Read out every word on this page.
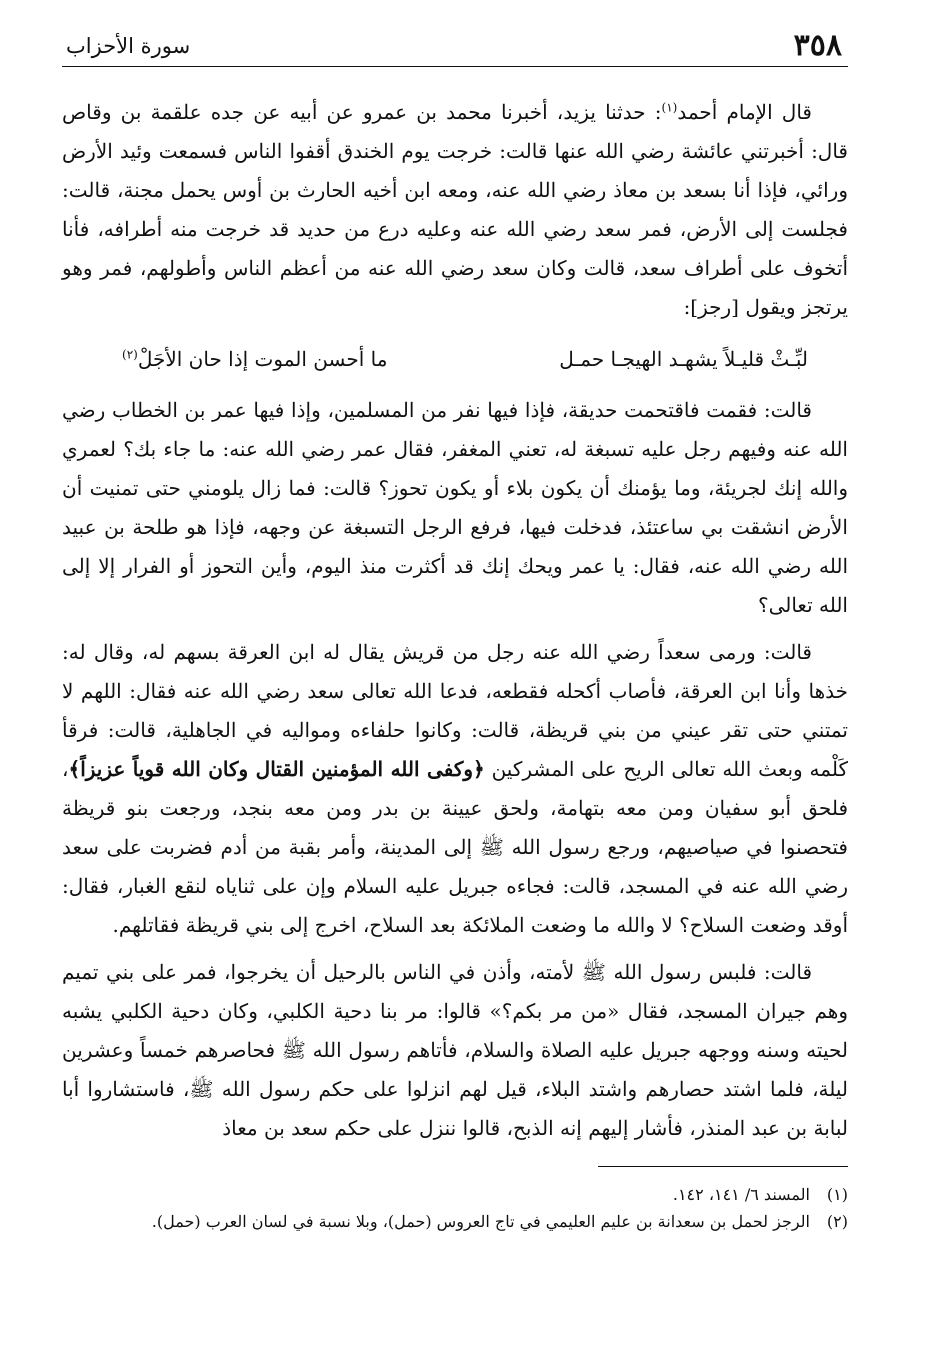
٣٥٨
سورة الأحزاب

قال الإمام أحمد$^{(١)}$: حدثنا يزيد، أخبرنا محمد بن عمرو عن أبيه عن جده علقمة بن وقاص قال: أخبرتني عائشة رضي الله عنها قالت: خرجت يوم الخندق أقفوا الناس فسمعت وئيد الأرض ورائي، فإذا أنا بسعد بن معاذ رضي الله عنه، ومعه ابن أخيه الحارث بن أوس يحمل مجنة، قالت: فجلست إلى الأرض، فمر سعد رضي الله عنه وعليه درع من حديد قد خرجت منه أطرافه، فأنا أتخوف على أطراف سعد، قالت وكان سعد رضي الله عنه من أعظم الناس وأطولهم، فمر وهو يرتجز ويقول [رجز]:

لبِّـثْ قليـلاً يشهـد الهيجـا حمـل
ما أحسن الموت إذا حان الأجَلْ$^{(٢)}$

قالت: فقمت فاقتحمت حديقة، فإذا فيها نفر من المسلمين، وإذا فيها عمر بن الخطاب رضي الله عنه وفيهم رجل عليه تسبغة له، تعني المغفر، فقال عمر رضي الله عنه: ما جاء بك؟ لعمري والله إنك لجريئة، وما يؤمنك أن يكون بلاء أو يكون تحوز؟ قالت: فما زال يلومني حتى تمنيت أن الأرض انشقت بي ساعتئذ، فدخلت فيها، فرفع الرجل التسبغة عن وجهه، فإذا هو طلحة بن عبيد الله رضي الله عنه، فقال: يا عمر ويحك إنك قد أكثرت منذ اليوم، وأين التحوز أو الفرار إلا إلى الله تعالى؟

قالت: ورمى سعداً رضي الله عنه رجل من قريش يقال له ابن العرقة بسهم له، وقال له: خذها وأنا ابن العرقة، فأصاب أكحله فقطعه، فدعا الله تعالى سعد رضي الله عنه فقال: اللهم لا تمتني حتى تقر عيني من بني قريظة، قالت: وكانوا حلفاءه ومواليه في الجاهلية، قالت: فرقأ كَلْمه وبعث الله تعالى الريح على المشركين ﴿وكفى الله المؤمنين القتال وكان الله قوياً عزيزاً﴾، فلحق أبو سفيان ومن معه بتهامة، ولحق عيينة بن بدر ومن معه بنجد، ورجعت بنو قريظة فتحصنوا في صياصيهم، ورجع رسول الله ﷺ إلى المدينة، وأمر بقبة من أدم فضربت على سعد رضي الله عنه في المسجد، قالت: فجاءه جبريل عليه السلام وإن على ثناياه لنقع الغبار، فقال: أوقد وضعت السلاح؟ لا والله ما وضعت الملائكة بعد السلاح، اخرج إلى بني قريظة فقاتلهم.

قالت: فلبس رسول الله ﷺ لأمته، وأذن في الناس بالرحيل أن يخرجوا، فمر على بني تميم وهم جيران المسجد، فقال «من مر بكم؟» قالوا: مر بنا دحية الكلبي، وكان دحية الكلبي يشبه لحيته وسنه ووجهه جبريل عليه الصلاة والسلام، فأتاهم رسول الله ﷺ فحاصرهم خمساً وعشرين ليلة، فلما اشتد حصارهم واشتد البلاء، قيل لهم انزلوا على حكم رسول الله ﷺ، فاستشاروا أبا لبابة بن عبد المنذر، فأشار إليهم إنه الذبح، قالوا ننزل على حكم سعد بن معاذ

(١)
المسند ٦/ ١٤١، ١٤٢.
(٢)
الرجز لحمل بن سعدانة بن عليم العليمي في تاج العروس (حمل)، وبلا نسبة في لسان العرب (حمل).
